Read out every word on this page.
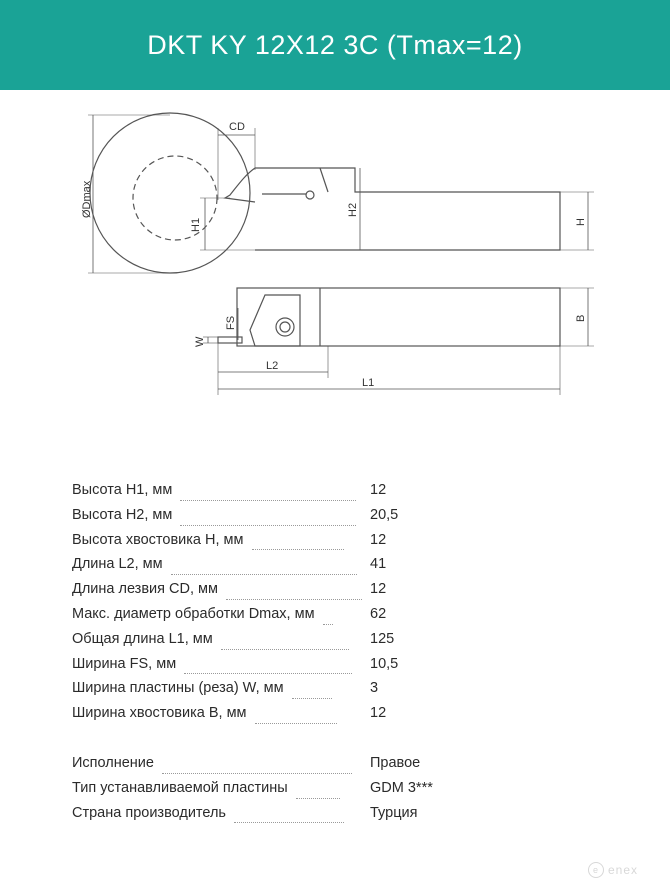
DKT KY 12X12 3C (Tmax=12)
CD
ØDmax
H1
H2
H
FS
W
B
L2
L1
Высота H1, мм	12
Высота H2, мм	20,5
Высота хвостовика H, мм	12
Длина L2, мм	41
Длина лезвия CD, мм	12
Макс. диаметр обработки Dmax, мм	62
Общая длина L1, мм	125
Ширина FS, мм	10,5
Ширина пластины (реза) W, мм	3
Ширина хвостовика B, мм	12
Исполнение	Правое
Тип устанавливаемой пластины	GDM 3***
Страна производитель	Турция
e enex
